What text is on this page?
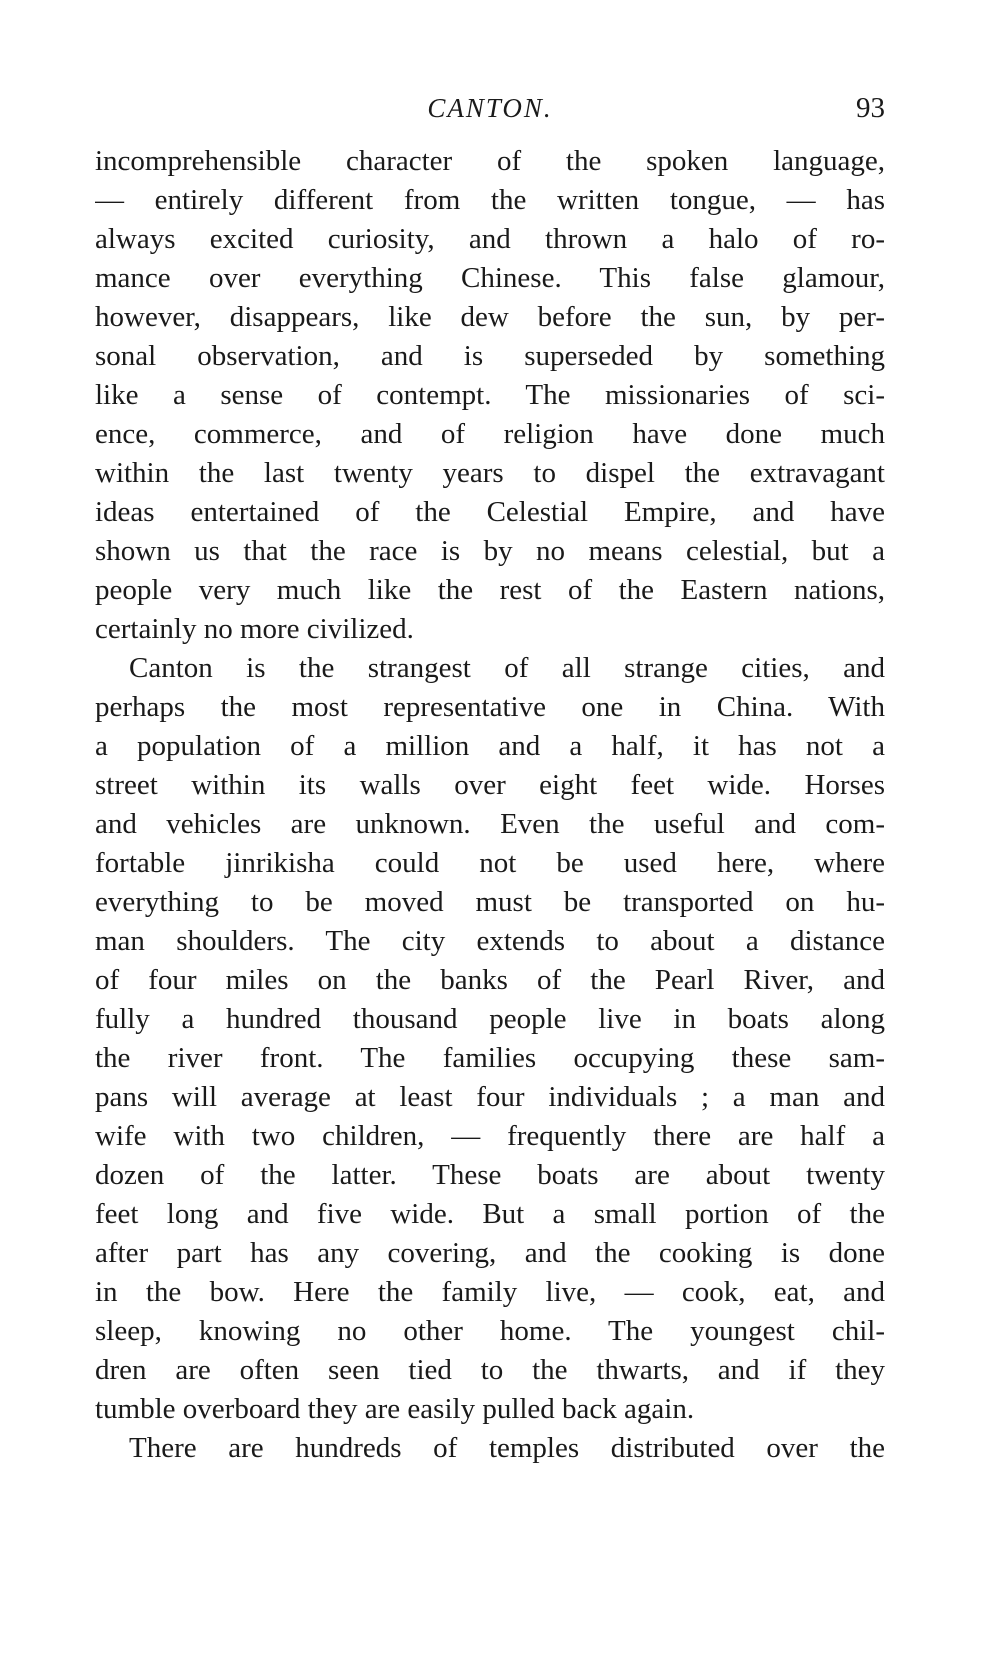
CANTON.	93
incomprehensible character of the spoken language,
— entirely different from the written tongue, — has
always excited curiosity, and thrown a halo of ro-
mance over everything Chinese. This false glamour,
however, disappears, like dew before the sun, by per-
sonal observation, and is superseded by something
like a sense of contempt. The missionaries of sci-
ence, commerce, and of religion have done much
within the last twenty years to dispel the extravagant
ideas entertained of the Celestial Empire, and have
shown us that the race is by no means celestial, but a
people very much like the rest of the Eastern nations,
certainly no more civilized.
Canton is the strangest of all strange cities, and
perhaps the most representative one in China. With
a population of a million and a half, it has not a
street within its walls over eight feet wide. Horses
and vehicles are unknown. Even the useful and com-
fortable jinrikisha could not be used here, where
everything to be moved must be transported on hu-
man shoulders. The city extends to about a distance
of four miles on the banks of the Pearl River, and
fully a hundred thousand people live in boats along
the river front. The families occupying these sam-
pans will average at least four individuals ; a man and
wife with two children, — frequently there are half a
dozen of the latter. These boats are about twenty
feet long and five wide. But a small portion of the
after part has any covering, and the cooking is done
in the bow. Here the family live, — cook, eat, and
sleep, knowing no other home. The youngest chil-
dren are often seen tied to the thwarts, and if they
tumble overboard they are easily pulled back again.
There are hundreds of temples distributed over the
